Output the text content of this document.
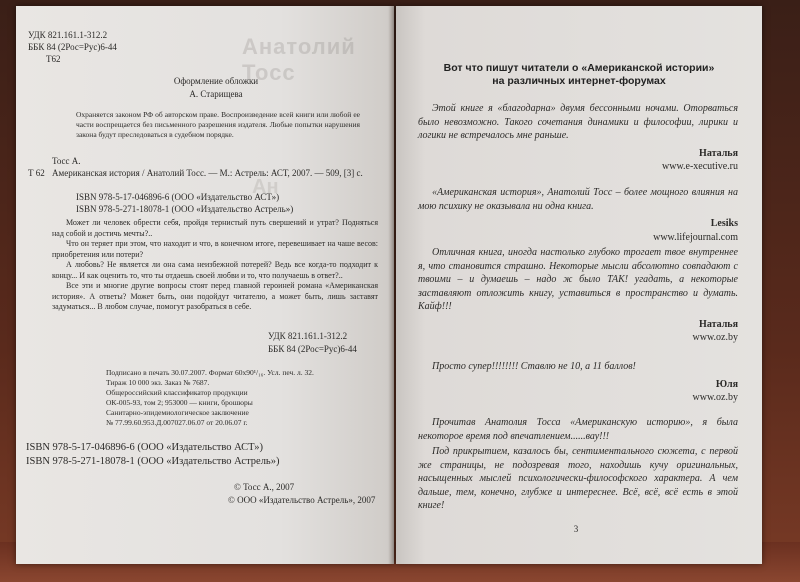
Анатолий Тосс
Ан
УДК 821.161.1-312.2
ББК 84 (2Рос=Рус)6-44
Т62
Оформление обложки
А. Старищева
Охраняется законом РФ об авторском праве. Воспроизведение всей книги или любой ее части воспрещается без письменного разрешения издателя. Любые попытки нарушения закона будут преследоваться в судебном порядке.
Тосс А.
Т 62 Американская история / Анатолий Тосс. — М.: Астрель: АСТ, 2007. — 509, [3] с.
ISBN 978-5-17-046896-6 (ООО «Издательство АСТ»)
ISBN 978-5-271-18078-1 (ООО «Издательство Астрель»)
Может ли человек обрести себя, пройдя тернистый путь свершений и утрат? Подняться над собой и достичь мечты?..
Что он теряет при этом, что находит и что, в конечном итоге, перевешивает на чаше весов: приобретения или потери?
А любовь? Не является ли она сама неизбежной потерей? Ведь все когда-то подходит к концу... И как оценить то, что ты отдаешь своей любви и то, что получаешь в ответ?..
Все эти и многие другие вопросы стоят перед главной героиней романа «Американская история». А ответы? Может быть, они подойдут читателю, а может быть, лишь заставят задуматься... В любом случае, помогут разобраться в себе.
УДК 821.161.1-312.2
ББК 84 (2Рос=Рус)6-44
Подписано в печать 30.07.2007. Формат 60x90¹/₁₆. Усл. печ. л. 32.
Тираж 10 000 экз. Заказ № 7687.
Общероссийский классификатор продукции
ОК-005-93, том 2; 953000 — книги, брошюры
Санитарно-эпидемиологическое заключение
№ 77.99.60.953.Д.007027.06.07 от 20.06.07 г.
ISBN 978-5-17-046896-6 (ООО «Издательство АСТ»)
ISBN 978-5-271-18078-1 (ООО «Издательство Астрель»)
© Тосс А., 2007
© ООО «Издательство Астрель», 2007
Вот что пишут читатели о «Американской истории»
на различных интернет-форумах
Этой книге я «благодарна» двумя бессонными ночами. Оторваться было невозможно. Такого сочетания динамики и философии, лирики и логики не встречалось мне раньше.
Наталья
www.e-xecutive.ru
«Американская история», Анатолий Тосс – более мощного влияния на мою психику не оказывала ни одна книга.
Lesiks
www.lifejournal.com
Отличная книга, иногда настолько глубоко трогает твое внутреннее я, что становится страшно. Некоторые мысли абсолютно совпадают с твоими – и думаешь – надо ж было ТАК! угадать, а некоторые заставляют отложить книгу, уставиться в пространство и думать. Кайф!!!
Наталья
www.oz.by
Просто супер!!!!!!!! Ставлю не 10, а 11 баллов!
Юля
www.oz.by
Прочитав Анатолия Тосса «Американскую историю», я была некоторое время под впечатлением......вау!!!
Под прикрытием, казалось бы, сентиментального сюжета, с первой же страницы, не подозревая того, находишь кучу оригинальных, насыщенных мыслей психологически-философского характера. А чем дальше, тем, конечно, глубже и интереснее. Всё, всё, всё есть в этой книге!
3
